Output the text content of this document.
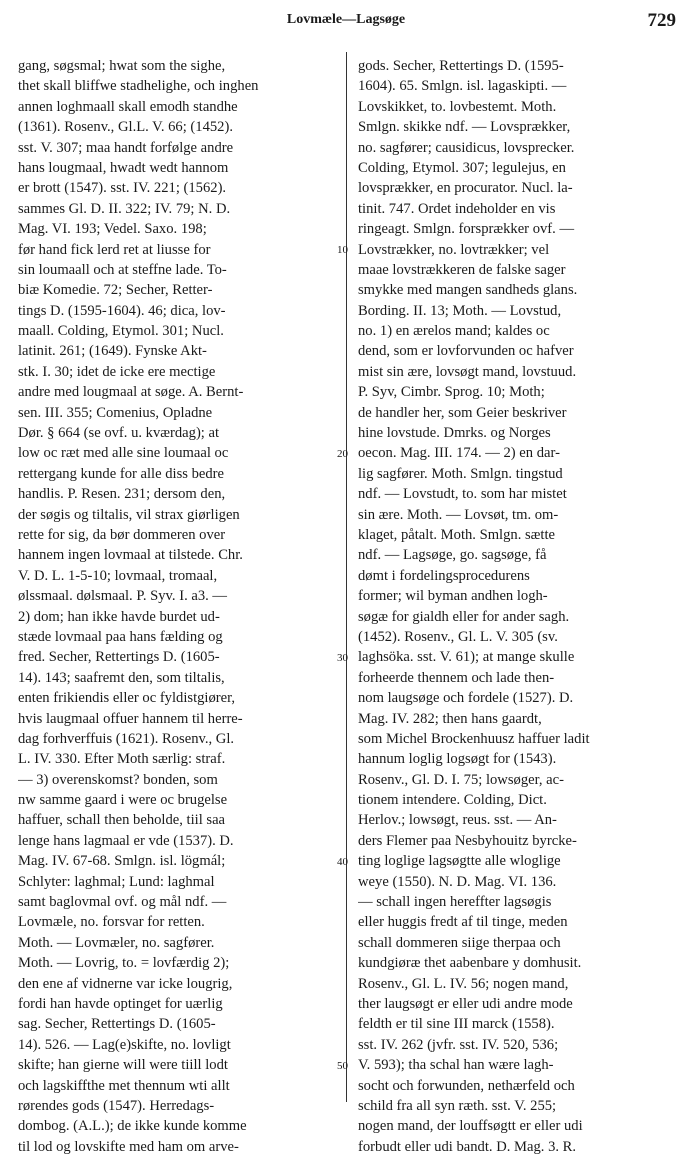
Lovmæle—Lagsøge	729
gang, søgsmal; hwat som the sighe,
thet skall bliffwe stadhelighe, och inghen
annen loghmaall skall emodh standhe
(1361). Rosenv., Gl.L. V. 66; (1452).
sst. V. 307; maa handt forfølge andre
hans lougmaal, hwadt wedt hannom
er brott (1547). sst. IV. 221; (1562).
sammes Gl. D. II. 322; IV. 79; N. D.
Mag. VI. 193; Vedel. Saxo. 198;
før hand fick lerd ret at liusse for
sin loumaall och at steffne lade. To-
biæ Komedie. 72; Secher, Retter-
tings D. (1595-1604). 46; dica, lov-
maall. Colding, Etymol. 301; Nucl.
latinit. 261; (1649). Fynske Akt-
stk. I. 30; idet de icke ere mectige
andre med lougmaal at søge. A. Bernt-
sen. III. 355; Comenius, Opladne
Dør. § 664 (se ovf. u. kværdag); at
low oc ræt med alle sine loumaal oc
rettergang kunde for alle diss bedre
handlis. P. Resen. 231; dersom den,
der søgis og tiltalis, vil strax giørligen
rette for sig, da bør dommeren over
hannem ingen lovmaal at tilstede. Chr.
V. D. L. 1-5-10; lovmaal, tromaal,
ølssmaal. dølsmaal. P. Syv. I. a3. —
2) dom; han ikke havde burdet ud-
stæde lovmaal paa hans fælding og
fred. Secher, Rettertings D. (1605-
14). 143; saafremt den, som tiltalis,
enten frikiendis eller oc fyldistgiører,
hvis laugmaal offuer hannem til herre-
dag forhverffuis (1621). Rosenv., Gl.
L. IV. 330. Efter Moth særlig: straf.
— 3) overenskomst? bonden, som
nw samme gaard i were oc brugelse
haffuer, schall then beholde, tiil saa
lenge hans lagmaal er vde (1537). D.
Mag. IV. 67-68. Smlgn. isl. lögmál;
Schlyter: laghmal; Lund: laghmal
samt baglovmal ovf. og mål ndf. —
Lovmæle, no. forsvar for retten.
Moth. — Lovmæler, no. sagfører.
Moth. — Lovrig, to. = lovfærdig 2);
den ene af vidnerne var icke lougrig,
fordi han havde optinget for uærlig
sag. Secher, Rettertings D. (1605-
14). 526. — Lag(e)skifte, no. lovligt
skifte; han gierne will were tiill lodt
och lagskiffthe met thennum wti allt
rørendes gods (1547). Herredags-
dombog. (A.L.); de ikke kunde komme
til lod og lovskifte med ham om arve-
gods. Secher, Rettertings D. (1595-
1604). 65. Smlgn. isl. lagaskipti. —
Lovskikket, to. lovbestemt. Moth.
Smlgn. skikke ndf. — Lovsprækker,
no. sagfører; causidicus, lovsprecker.
Colding, Etymol. 307; legulejus, en
lovsprækker, en procurator. Nucl. la-
tinit. 747. Ordet indeholder en vis
ringeagt. Smlgn. forsprækker ovf. —
Lovstrækker, no. lovtrækker; vel
maae lovstrækkeren de falske sager
smykke med mangen sandheds glans.
Bording. II. 13; Moth. — Lovstud,
no. 1) en ærelos mand; kaldes oc
dend, som er lovforvunden oc hafver
mist sin ære, lovsøgt mand, lovstuud.
P. Syv, Cimbr. Sprog. 10; Moth;
de handler her, som Geier beskriver
hine lovstude. Dmrks. og Norges
oecon. Mag. III. 174. — 2) en dar-
lig sagfører. Moth. Smlgn. tingstud
ndf. — Lovstudt, to. som har mistet
sin ære. Moth. — Lovsøt, tm. om-
klaget, påtalt. Moth. Smlgn. sætte
ndf. — Lagsøge, go. sagsøge, få
dømt i fordelingsprocedurens
former; wil byman andhen logh-
søgæ for gialdh eller for ander sagh.
(1452). Rosenv., Gl. L. V. 305 (sv.
laghsöka. sst. V. 61); at mange skulle
forheerde thennem och lade then-
nom laugsøge och fordele (1527). D.
Mag. IV. 282; then hans gaardt,
som Michel Brockenhuusz haffuer ladit
hannum loglig logsøgt for (1543).
Rosenv., Gl. D. I. 75; lowsøger, ac-
tionem intendere. Colding, Dict.
Herlov.; lowsøgt, reus. sst. — An-
ders Flemer paa Nesbyhouitz byrcke-
ting loglige lagsøgtte alle wloglige
weye (1550). N. D. Mag. VI. 136.
— schall ingen hereffter lagsøgis
eller huggis fredt af til tinge, meden
schall dommeren siige therpaa och
kundgiøræ thet aabenbare y domhusit.
Rosenv., Gl. L. IV. 56; nogen mand,
ther laugsøgt er eller udi andre mode
feldth er til sine III marck (1558).
sst. IV. 262 (jvfr. sst. IV. 520, 536;
V. 593); tha schal han wære lagh-
socht och forwunden, nethærfeld och
schild fra all syn ræth. sst. V. 255;
nogen mand, der louffsøgtt er eller udi
forbudt eller udi bandt. D. Mag. 3. R.
10
20
30
40
50
